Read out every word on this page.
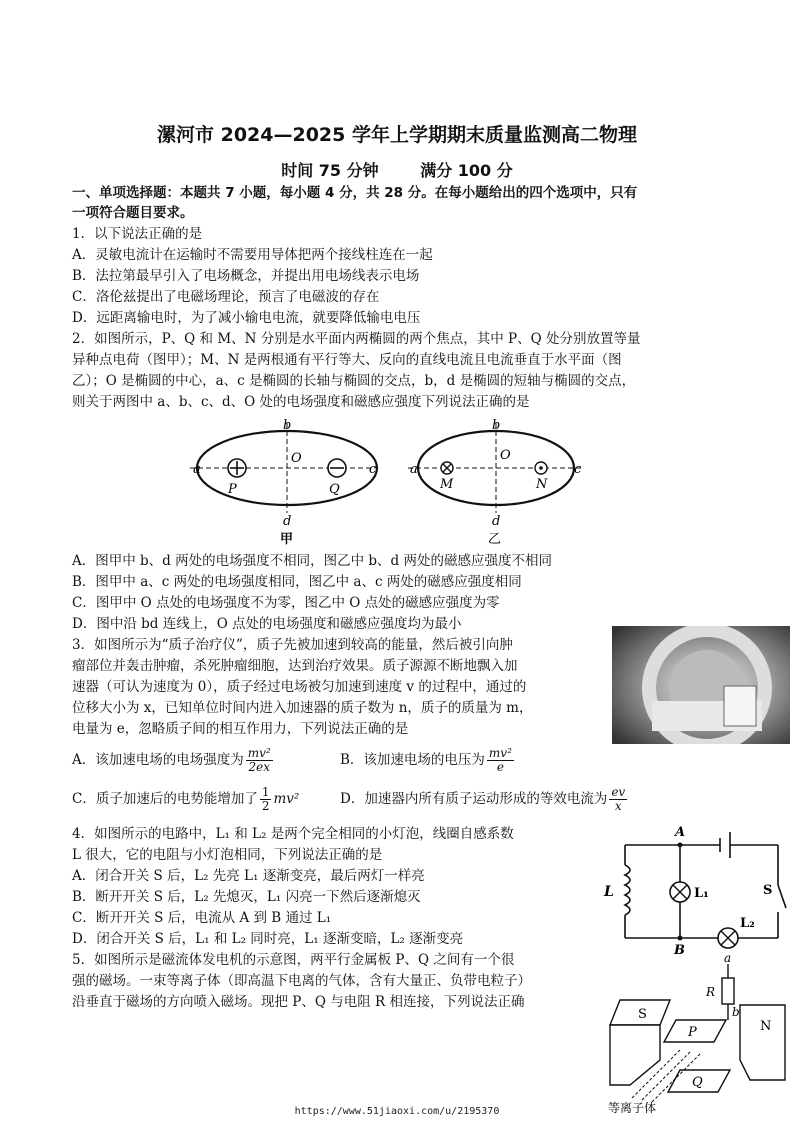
漯河市 2024—2025 学年上学期期末质量监测高二物理
时间 75 分钟	满分 100 分
一、单项选择题：本题共 7 小题，每小题 4 分，共 28 分。在每小题给出的四个选项中，只有
一项符合题目要求。
1．以下说法正确的是
A．灵敏电流计在运输时不需要用导体把两个接线柱连在一起
B．法拉第最早引入了电场概念，并提出用电场线表示电场
C．洛伦兹提出了电磁场理论，预言了电磁波的存在
D．远距离输电时，为了减小输电电流，就要降低输电电压
2．如图所示，P、Q 和 M、N 分别是水平面内两椭圆的两个焦点，其中 P、Q 处分别放置等量
异种点电荷（图甲）；M、N 是两根通有平行等大、反向的直线电流且电流垂直于水平面（图
乙）；O 是椭圆的中心，a、c 是椭圆的长轴与椭圆的交点，b，d 是椭圆的短轴与椭圆的交点，
则关于两图中 a、b、c、d、O 处的电场强度和磁感应强度下列说法正确的是
b
a	c
O
P	Q
d
甲
b
a	c
O
M	N
d
乙
A．图甲中 b、d 两处的电场强度不相同，图乙中 b、d 两处的磁感应强度不相同
B．图甲中 a、c 两处的电场强度相同，图乙中 a、c 两处的磁感应强度相同
C．图甲中 O 点处的电场强度不为零，图乙中 O 点处的磁感应强度为零
D．图中沿 bd 连线上，O 点处的电场强度和磁感应强度均为最小
3．如图所示为“质子治疗仪”，质子先被加速到较高的能量，然后被引向肿
瘤部位并轰击肿瘤，杀死肿瘤细胞，达到治疗效果。质子源源不断地飘入加
速器（可认为速度为 0），质子经过电场被匀加速到速度 v 的过程中，通过的
位移大小为 x，已知单位时间内进入加速器的质子数为 n，质子的质量为 m，
电量为 e，忽略质子间的相互作用力，下列说法正确的是
A．该加速电场的电场强度为 $\frac{\text{mv²}}{2ex}$	B．该加速电场的电压为 $\frac{\text{mv²}}{e}$
C．质子加速后的电势能增加了 $\frac{1}{2} mv^2$	D．加速器内所有质子运动形成的等效电流为 $\frac{ev}{x}$
4．如图所示的电路中，L₁ 和 L₂ 是两个完全相同的小灯泡，线圈自感系数
L 很大，它的电阻与小灯泡相同，下列说法正确的是
A．闭合开关 S 后，L₂ 先亮 L₁ 逐渐变亮，最后两灯一样亮
B．断开开关 S 后，L₂ 先熄灭，L₁ 闪亮一下然后逐渐熄灭
C．断开开关 S 后，电流从 A 到 B 通过 L₁
D．闭合开关 S 后，L₁ 和 L₂ 同时亮，L₁ 逐渐变暗，L₂ 逐渐变亮
A
B
L	L₁
L₂
S
5．如图所示是磁流体发电机的示意图，两平行金属板 P、Q 之间有一个很
强的磁场。一束等离子体（即高温下电离的气体，含有大量正、负带电粒子）
沿垂直于磁场的方向喷入磁场。现把 P、Q 与电阻 R 相连接，下列说法正确
a
R
b
S
P
Q
N
等离子体
https://www.51jiaoxi.com/u/2195370
